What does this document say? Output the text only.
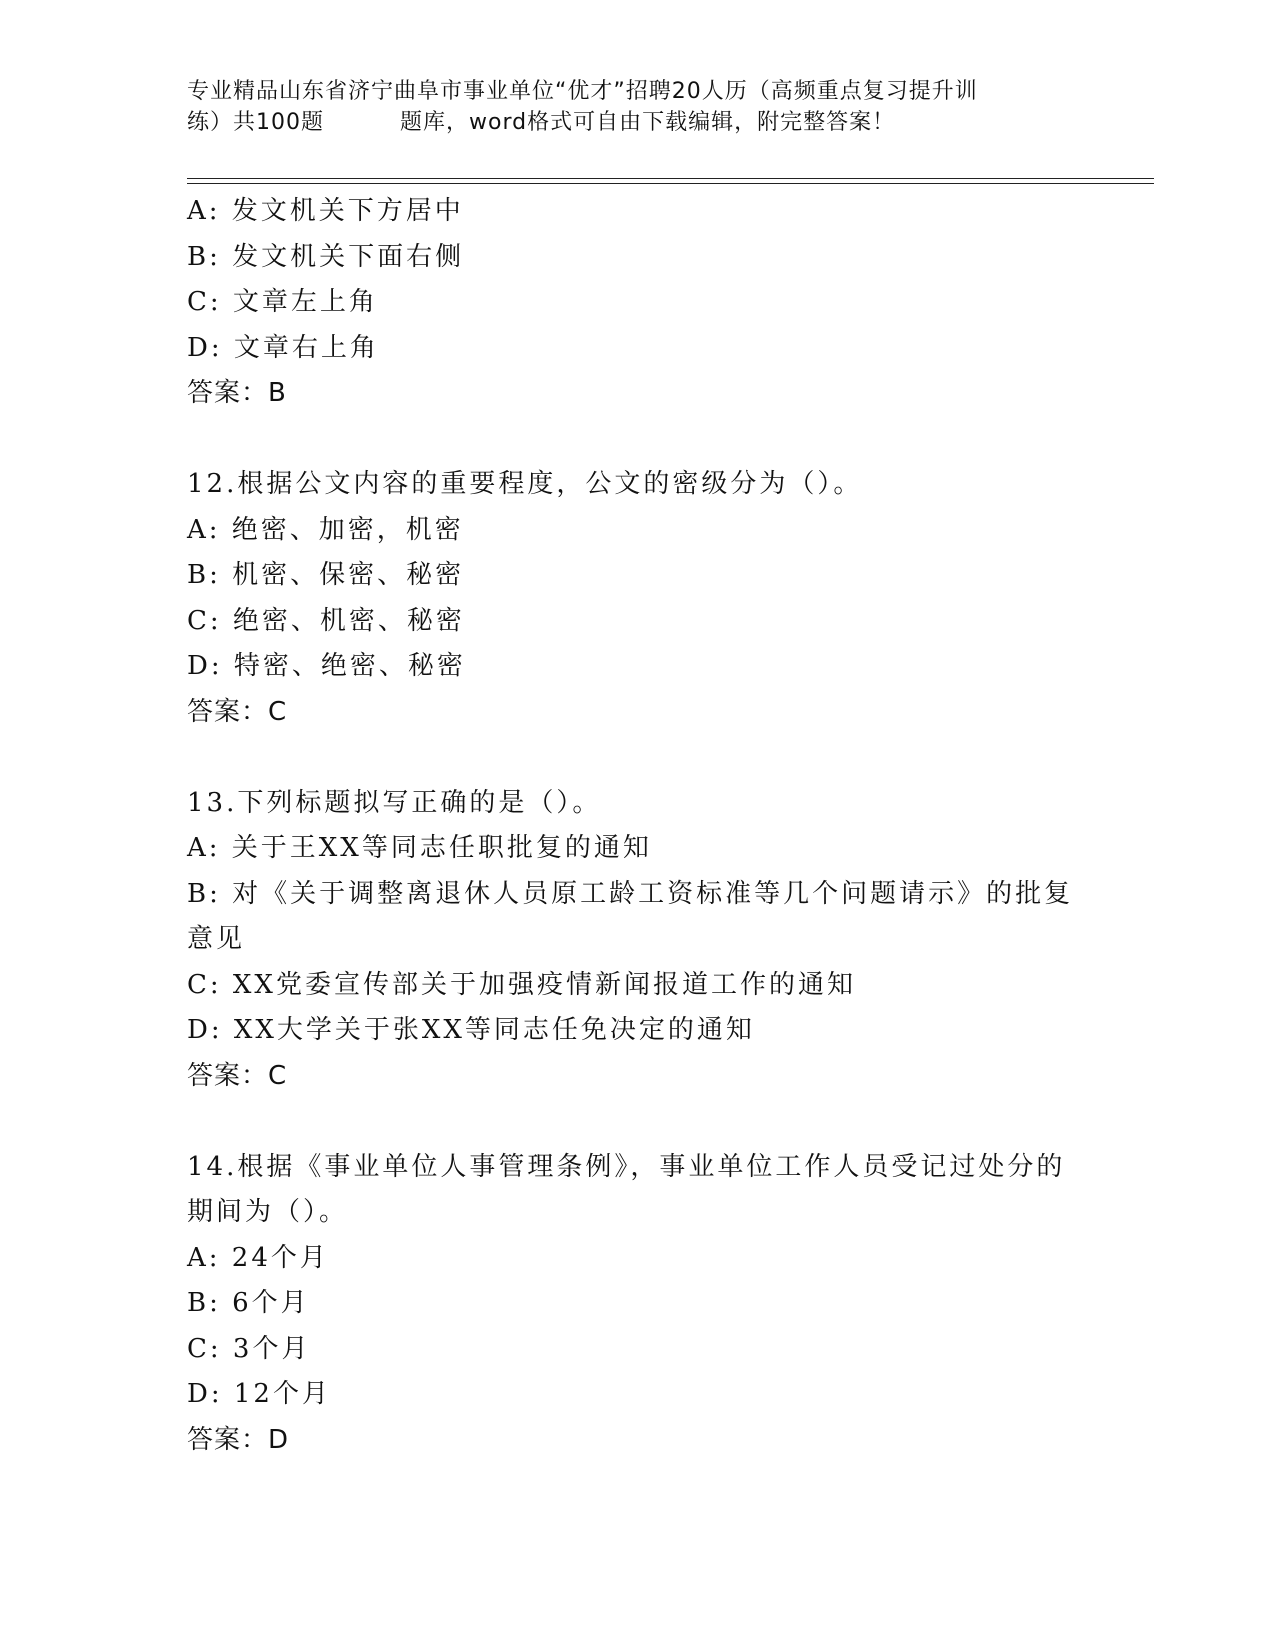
专业精品山东省济宁曲阜市事业单位“优才”招聘20人历（高频重点复习提升训
练）共100题	题库，word格式可自由下载编辑，附完整答案！
A: 发文机关下方居中
B: 发文机关下面右侧
C: 文章左上角
D: 文章右上角
答案：B
12.根据公文内容的重要程度，公文的密级分为（）。
A: 绝密、加密，机密
B: 机密、保密、秘密
C: 绝密、机密、秘密
D: 特密、绝密、秘密
答案：C
13.下列标题拟写正确的是（）。
A: 关于王XX等同志任职批复的通知
B: 对《关于调整离退休人员原工龄工资标准等几个问题请示》的批复意见
C: XX党委宣传部关于加强疫情新闻报道工作的通知
D: XX大学关于张XX等同志任免决定的通知
答案：C
14.根据《事业单位人事管理条例》，事业单位工作人员受记过处分的期间为（）。
A: 24个月
B: 6个月
C: 3个月
D: 12个月
答案：D
